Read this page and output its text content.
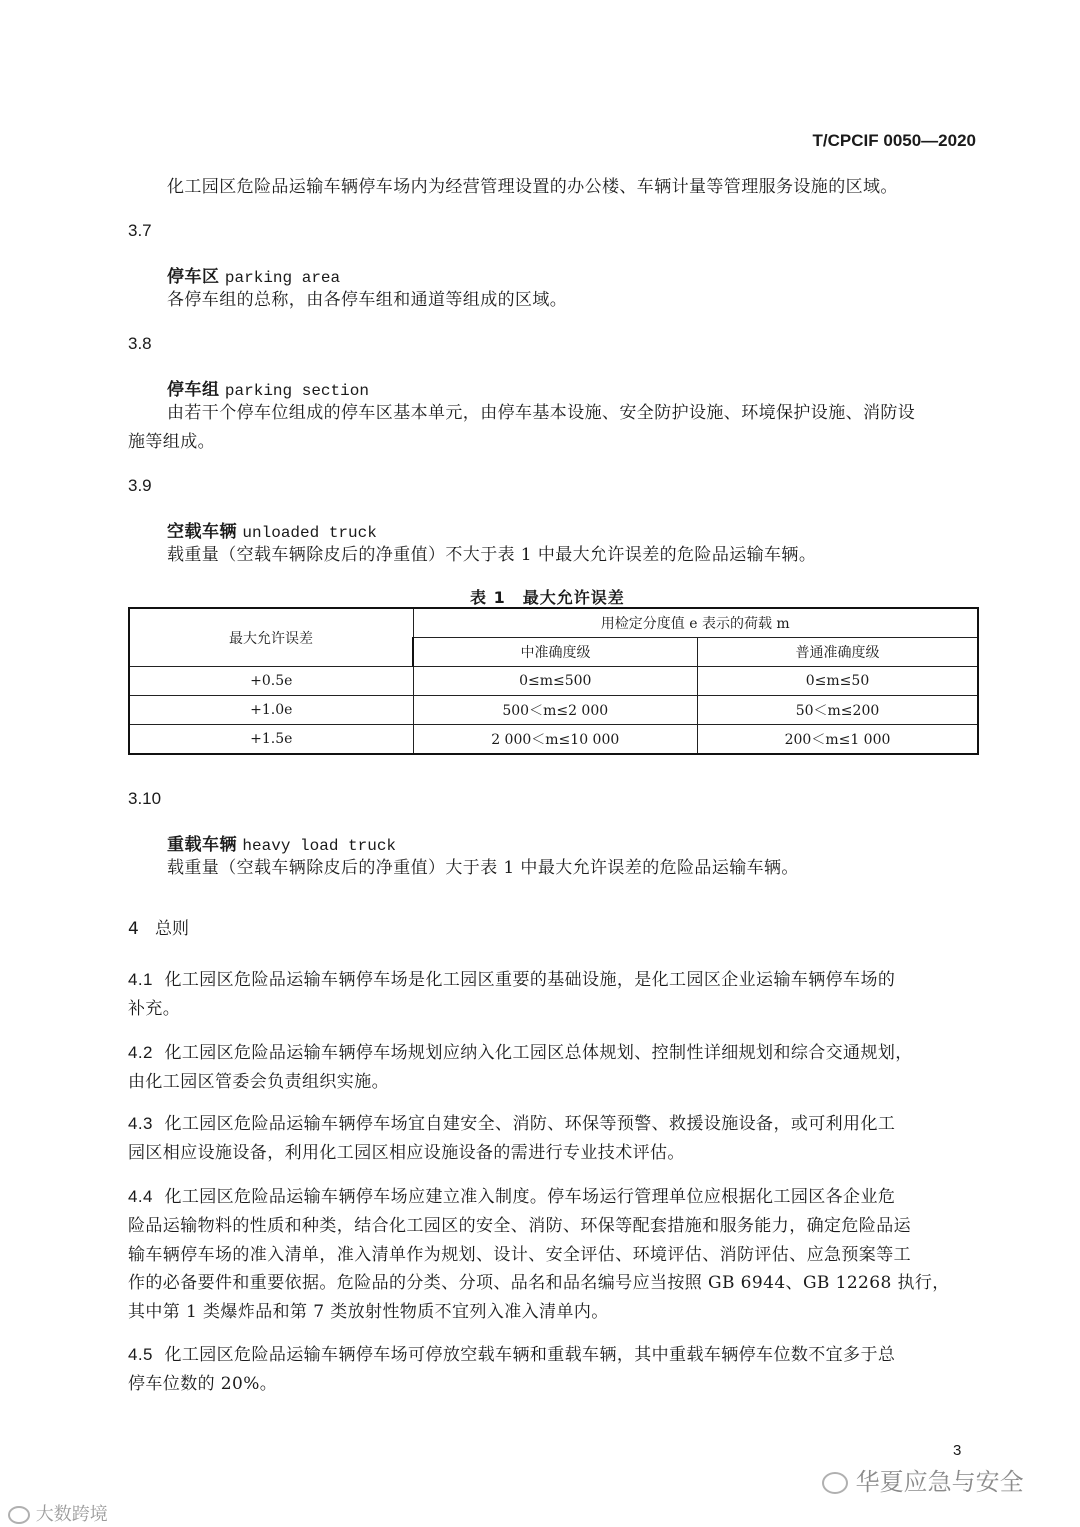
T/CPCIF 0050—2020
化工园区危险品运输车辆停车场内为经营管理设置的办公楼、车辆计量等管理服务设施的区域。
3.7
停车区 parking area
各停车组的总称，由各停车组和通道等组成的区域。
3.8
停车组 parking section
由若干个停车位组成的停车区基本单元，由停车基本设施、安全防护设施、环境保护设施、消防设
施等组成。
3.9
空载车辆 unloaded truck
载重量（空载车辆除皮后的净重值）不大于表 1 中最大允许误差的危险品运输车辆。
表 1　最大允许误差
最大允许误差	用检定分度值 e 表示的荷载 m	
	中准确度级	普通准确度级
+0.5e	0≤m≤500	0≤m≤50
+1.0e	500＜m≤2 000	50＜m≤200
+1.5e	2 000＜m≤10 000	200＜m≤1 000
3.10
重载车辆 heavy load truck
载重量（空载车辆除皮后的净重值）大于表 1 中最大允许误差的危险品运输车辆。
4 总则
4.1 化工园区危险品运输车辆停车场是化工园区重要的基础设施，是化工园区企业运输车辆停车场的
补充。
4.2 化工园区危险品运输车辆停车场规划应纳入化工园区总体规划、控制性详细规划和综合交通规划，
由化工园区管委会负责组织实施。
4.3 化工园区危险品运输车辆停车场宜自建安全、消防、环保等预警、救援设施设备，或可利用化工
园区相应设施设备，利用化工园区相应设施设备的需进行专业技术评估。
4.4 化工园区危险品运输车辆停车场应建立准入制度。停车场运行管理单位应根据化工园区各企业危
险品运输物料的性质和种类，结合化工园区的安全、消防、环保等配套措施和服务能力，确定危险品运
输车辆停车场的准入清单，准入清单作为规划、设计、安全评估、环境评估、消防评估、应急预案等工
作的必备要件和重要依据。危险品的分类、分项、品名和品名编号应当按照 GB 6944、GB 12268 执行，
其中第 1 类爆炸品和第 7 类放射性物质不宜列入准入清单内。
4.5 化工园区危险品运输车辆停车场可停放空载车辆和重载车辆，其中重载车辆停车位数不宜多于总
停车位数的 20%。
3
大数跨境
华夏应急与安全
